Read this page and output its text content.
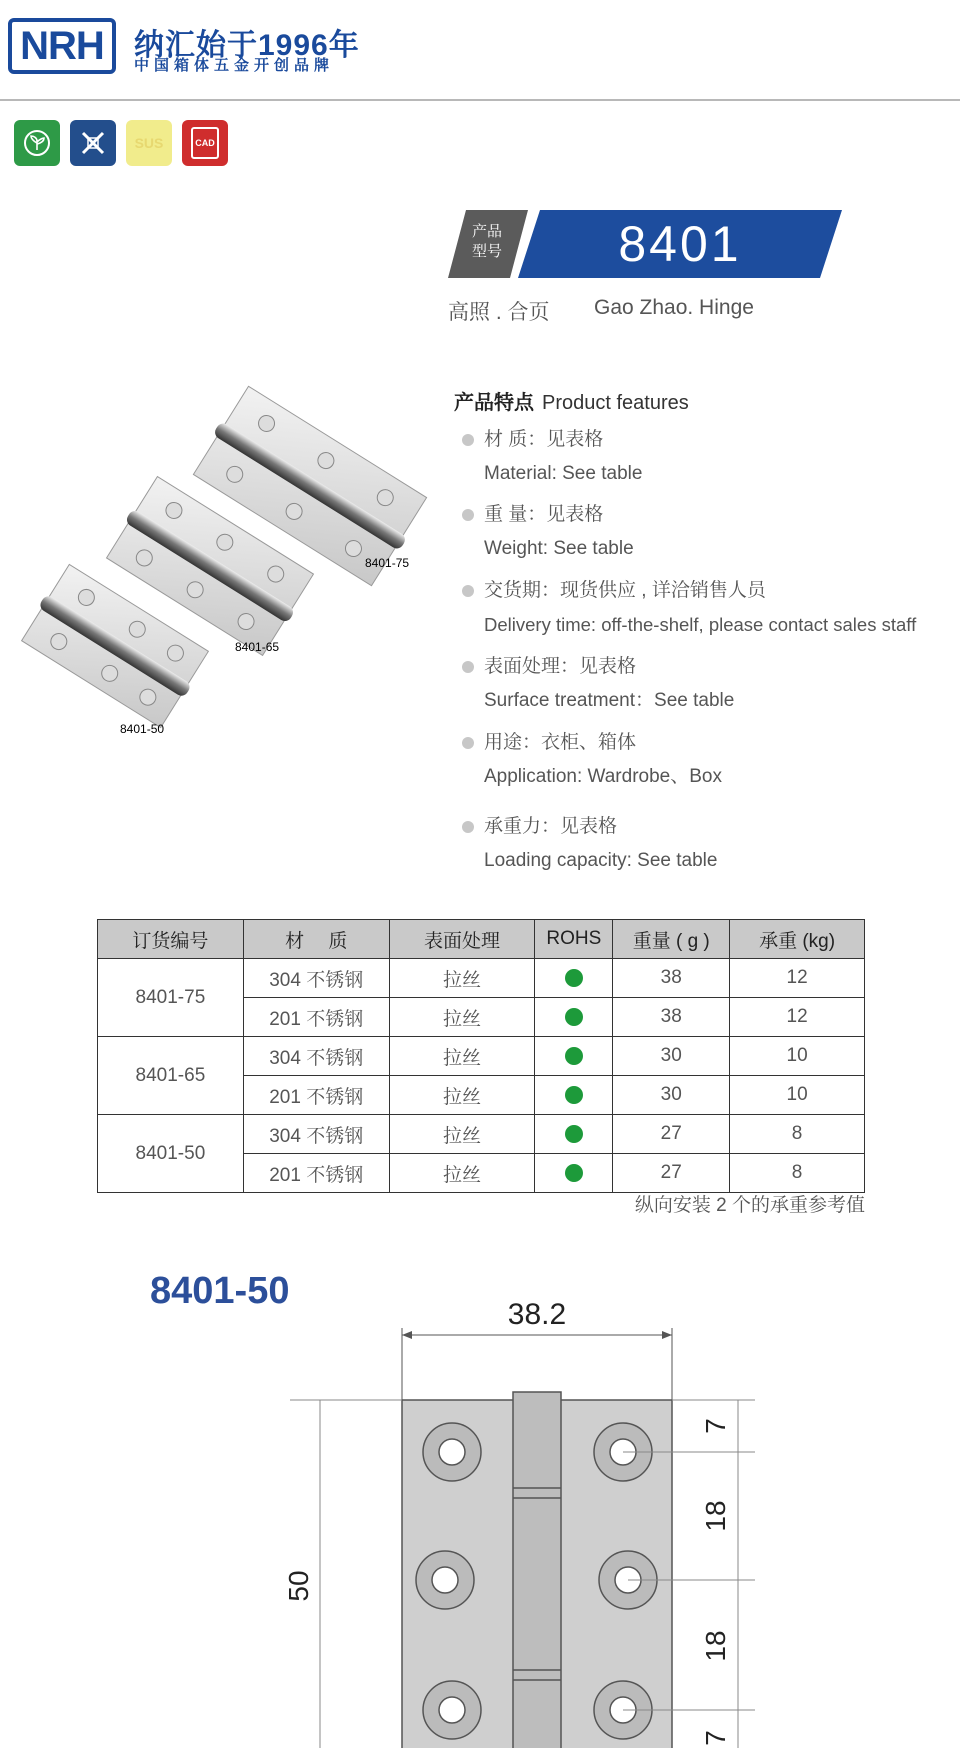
NRH	纳汇始于1996年
中国箱体五金开创品牌
SUS	CAD
产品
型号	8401
高照 . 合页 Gao Zhao. Hinge
8401-75
8401-65
8401-50
产品特点 Product features
材 质：见表格
Material: See table
重 量：见表格
Weight: See table
交货期：现货供应 , 详洽销售人员
Delivery time: off-the-shelf, please contact sales staff
表面处理：见表格
Surface treatment：See table
用途：衣柜、箱体
Application: Wardrobe、Box
承重力：见表格
Loading capacity: See table
订货编号	材　 质	表面处理	ROHS	重量 ( g )	承重 (kg)
8401-75	304 不锈钢	拉丝		38	12
	201 不锈钢	拉丝		38	12
8401-65	304 不锈钢	拉丝		30	10
	201 不锈钢	拉丝		30	10
8401-50	304 不锈钢	拉丝		27	8
	201 不锈钢	拉丝		27	8
纵向安装 2 个的承重参考值
8401-50
38.2
7
18
18
7
50
